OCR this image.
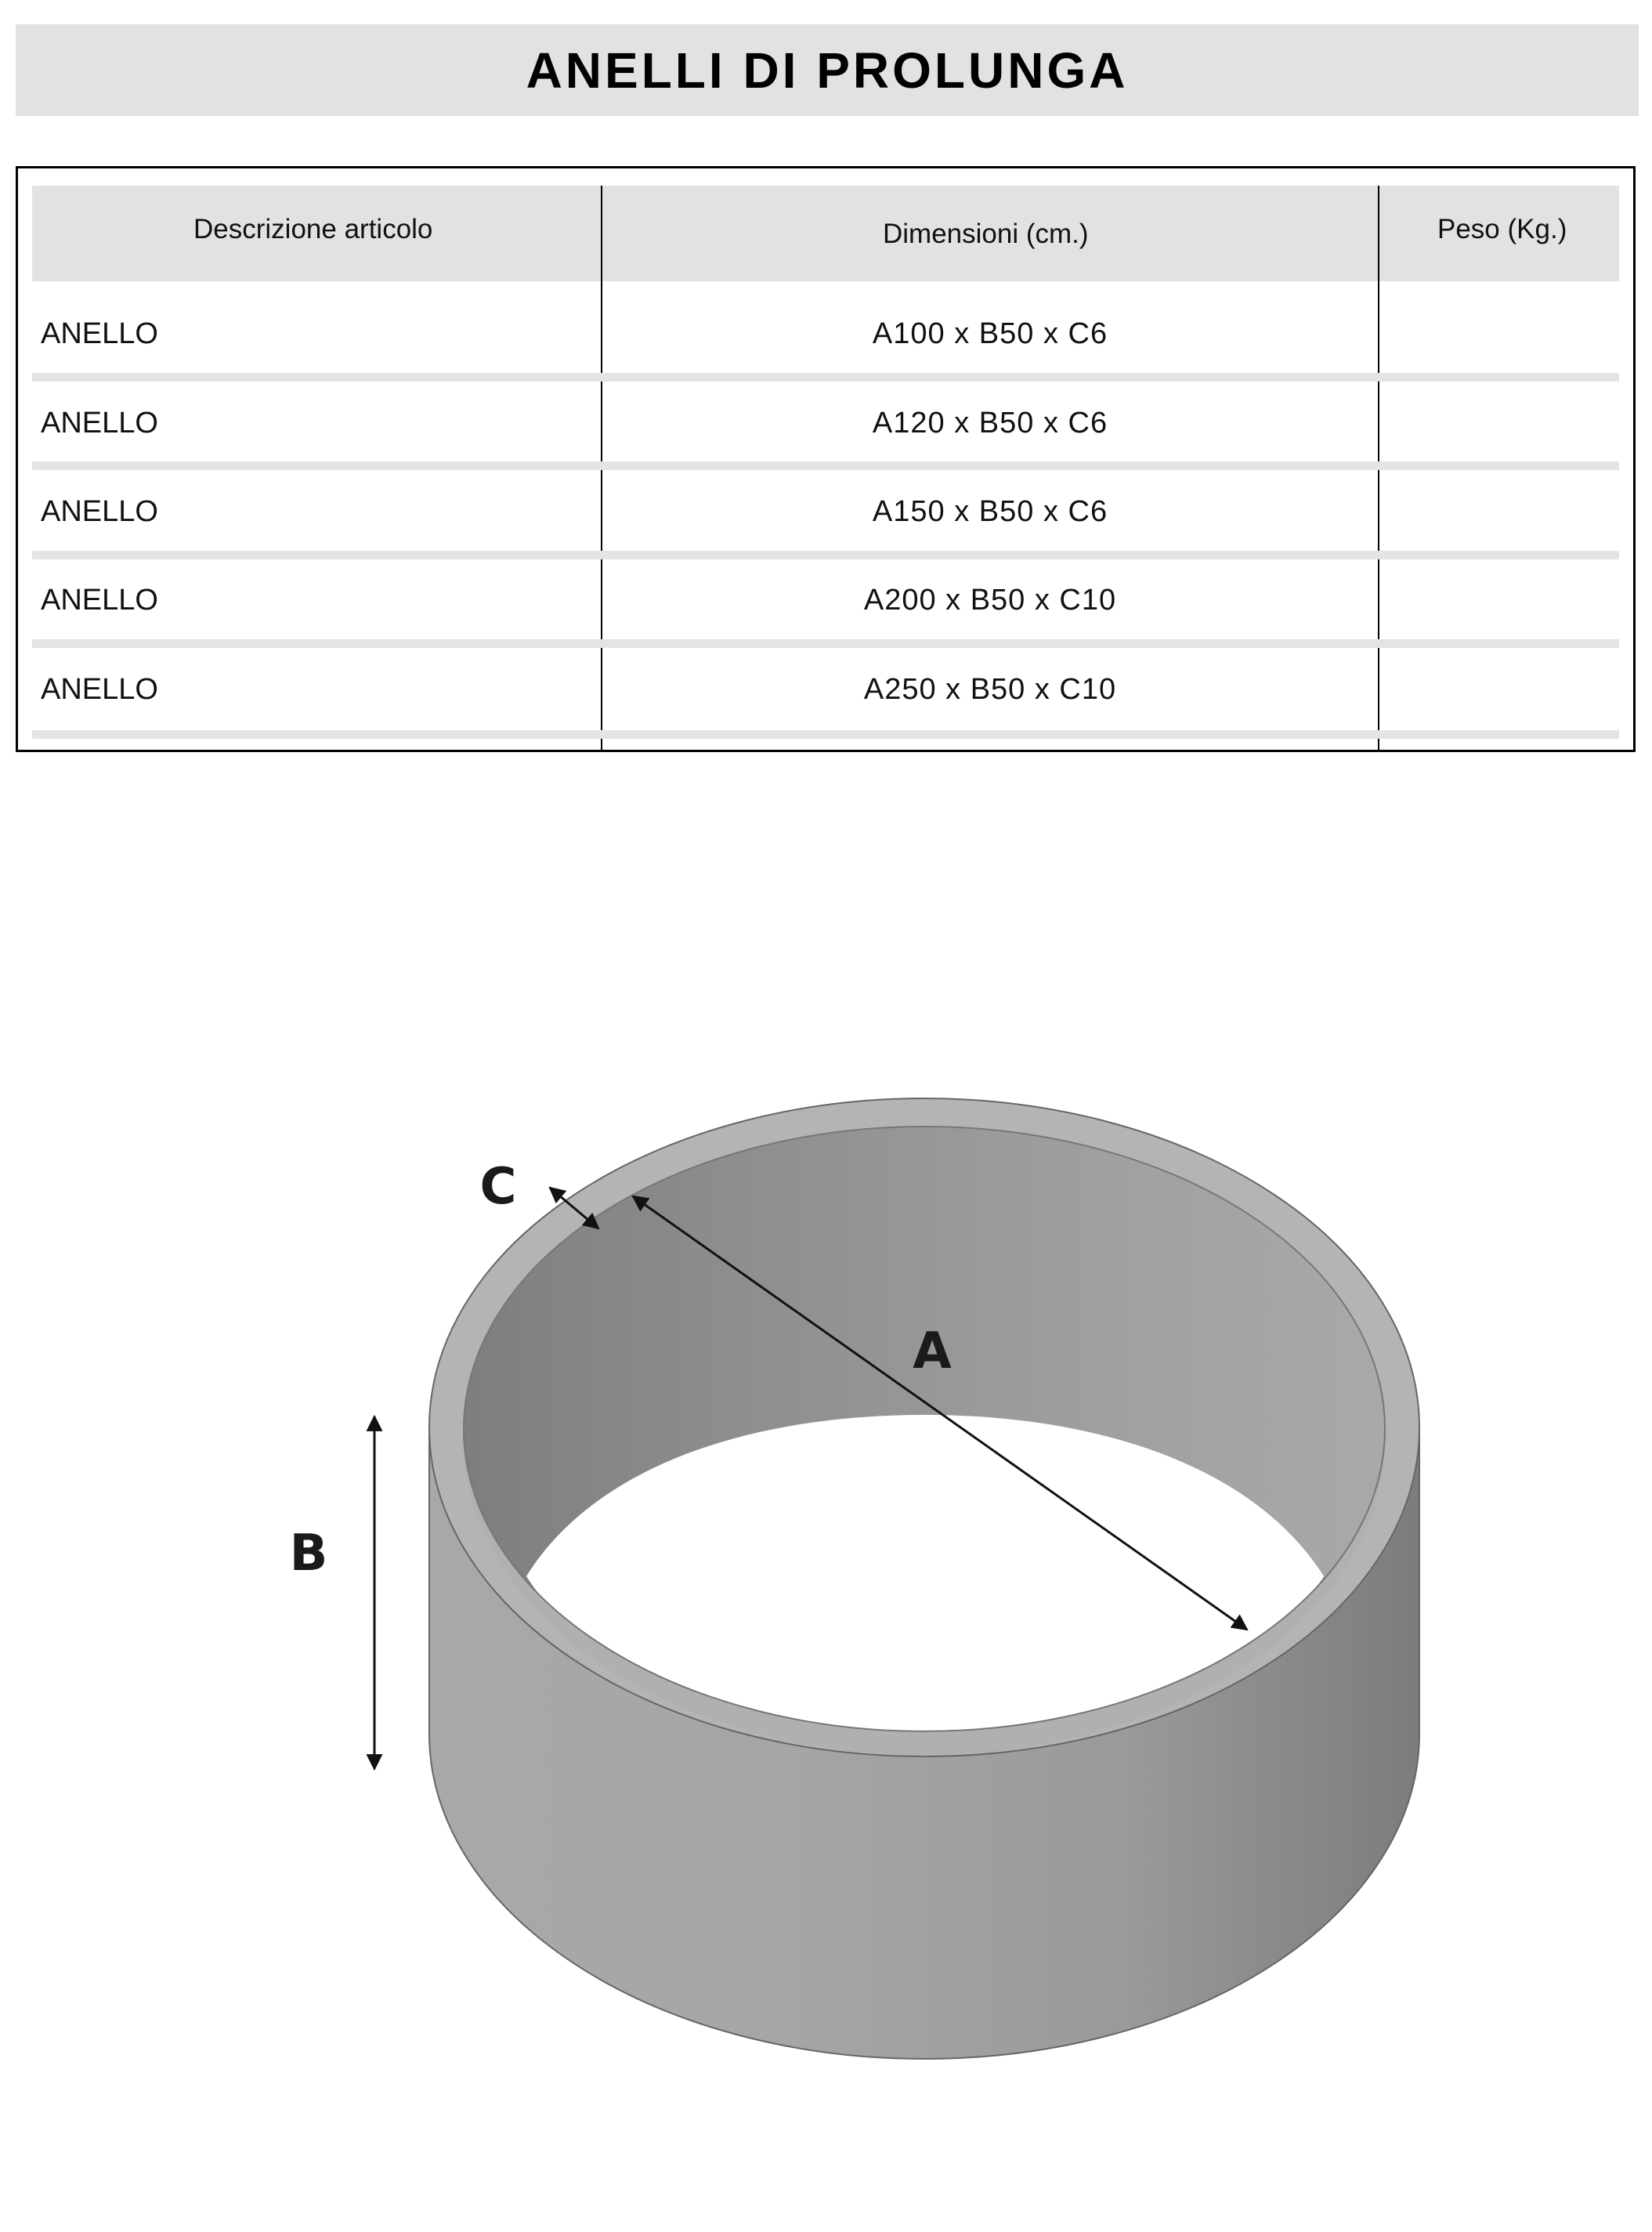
ANELLI DI PROLUNGA
Descrizione articolo	Dimensioni (cm.)	Peso (Kg.)
ANELLO	A100 x B50 x C6
ANELLO	A120 x B50 x C6
ANELLO	A150 x B50 x C6
ANELLO	A200 x B50 x C10
ANELLO	A250 x B50 x C10
A
B
C
